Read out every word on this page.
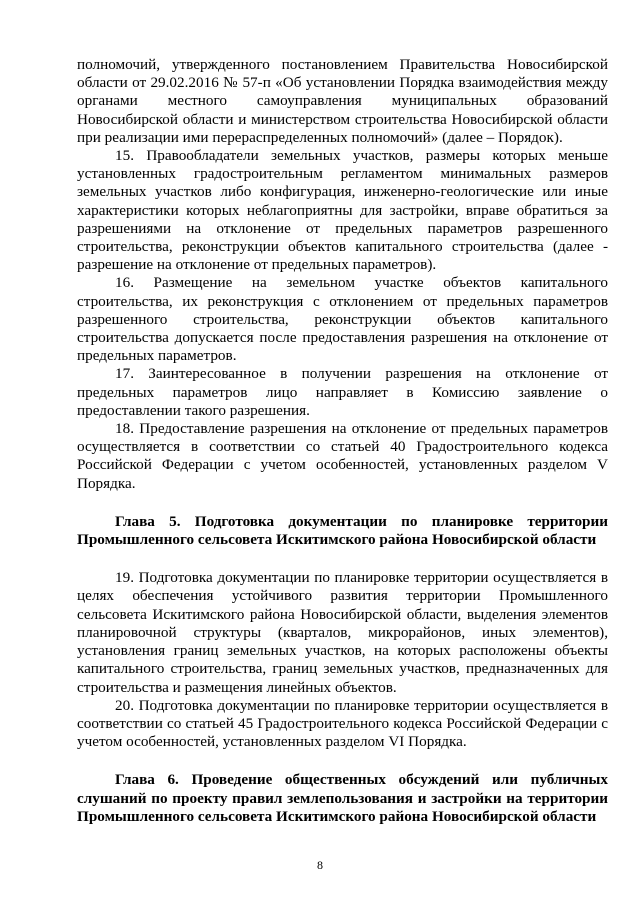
полномочий, утвержденного постановлением Правительства Новосибирской области от 29.02.2016 № 57-п «Об установлении Порядка взаимодействия между органами местного самоуправления муниципальных образований Новосибирской области и министерством строительства Новосибирской области при реализации ими перераспределенных полномочий» (далее – Порядок).

15. Правообладатели земельных участков, размеры которых меньше установленных градостроительным регламентом минимальных размеров земельных участков либо конфигурация, инженерно-геологические или иные характеристики которых неблагоприятны для застройки, вправе обратиться за разрешениями на отклонение от предельных параметров разрешенного строительства, реконструкции объектов капитального строительства (далее - разрешение на отклонение от предельных параметров).

16. Размещение на земельном участке объектов капитального строительства, их реконструкция с отклонением от предельных параметров разрешенного строительства, реконструкции объектов капитального строительства допускается после предоставления разрешения на отклонение от предельных параметров.

17. Заинтересованное в получении разрешения на отклонение от предельных параметров лицо направляет в Комиссию заявление о предоставлении такого разрешения.

18. Предоставление разрешения на отклонение от предельных параметров осуществляется в соответствии со статьей 40 Градостроительного кодекса Российской Федерации с учетом особенностей, установленных разделом V Порядка.

Глава 5. Подготовка документации по планировке территории Промышленного сельсовета Искитимского района Новосибирской области

19. Подготовка документации по планировке территории осуществляется в целях обеспечения устойчивого развития территории Промышленного сельсовета Искитимского района Новосибирской области, выделения элементов планировочной структуры (кварталов, микрорайонов, иных элементов), установления границ земельных участков, на которых расположены объекты капитального строительства, границ земельных участков, предназначенных для строительства и размещения линейных объектов.

20. Подготовка документации по планировке территории осуществляется в соответствии со статьей 45 Градостроительного кодекса Российской Федерации с учетом особенностей, установленных разделом VI Порядка.

Глава 6. Проведение общественных обсуждений или публичных слушаний по проекту правил землепользования и застройки на территории Промышленного сельсовета Искитимского района Новосибирской области

8
